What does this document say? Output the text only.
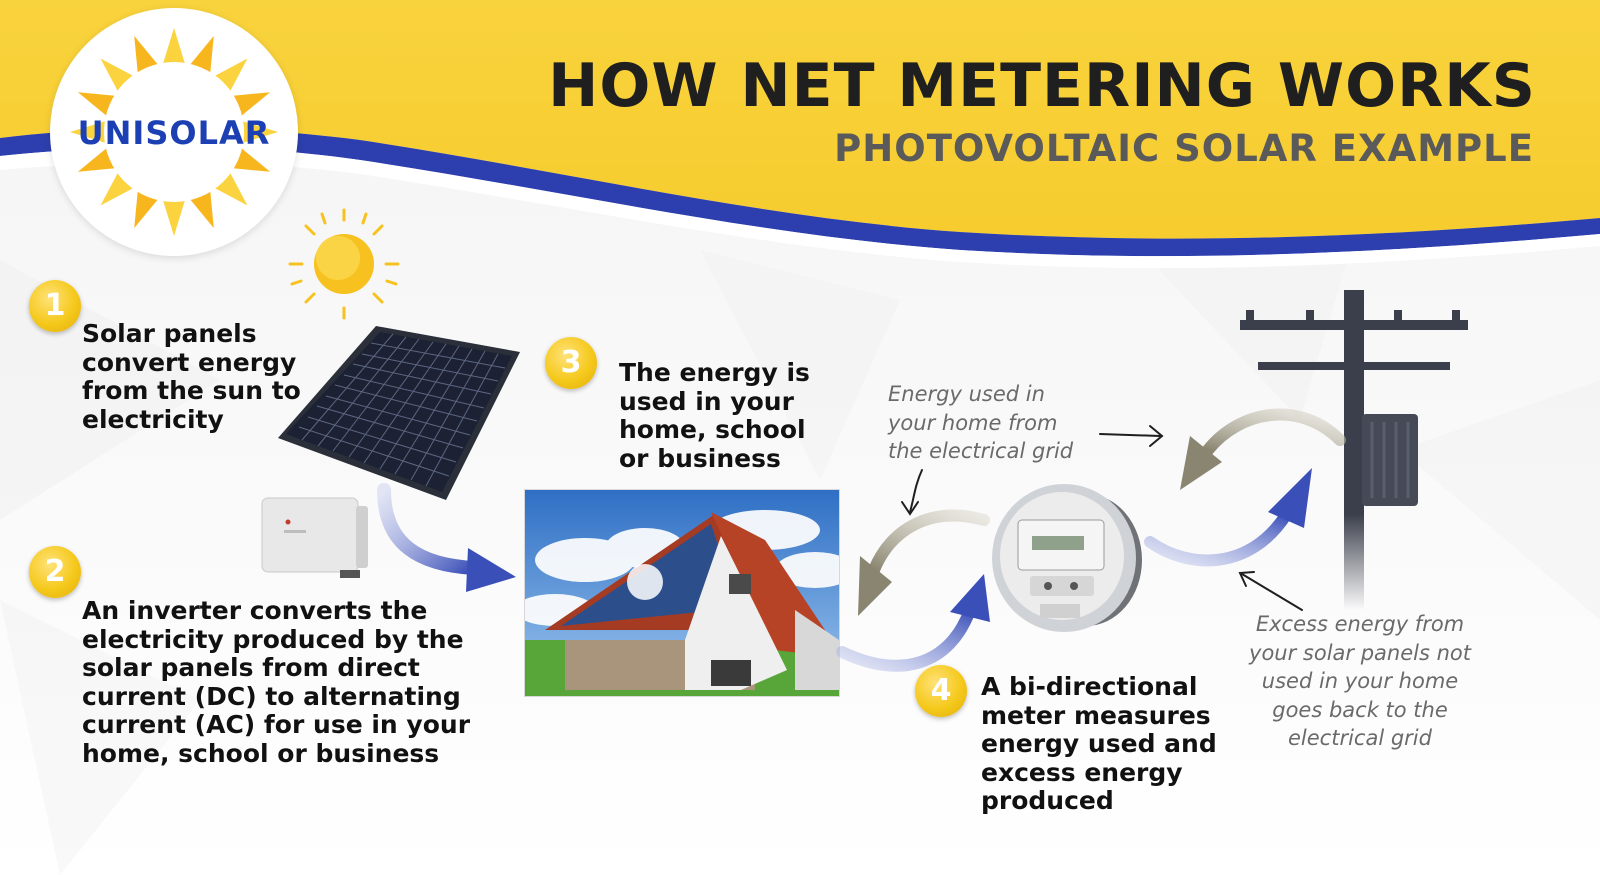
HOW NET METERING WORKS
PHOTOVOLTAIC SOLAR EXAMPLE
UNISOLAR
1
2
3
4
Solar panels
convert energy
from the sun to
electricity
An inverter converts the
electricity produced by the
solar panels from direct
current (DC) to alternating
current (AC) for use in your
home, school or business
The energy is
used in your
home, school
or business
A bi-directional
meter measures
energy used and
excess energy
produced
Energy used in
your home from
the electrical grid
Excess energy from
your solar panels not
used in your home
goes back to the
electrical grid
